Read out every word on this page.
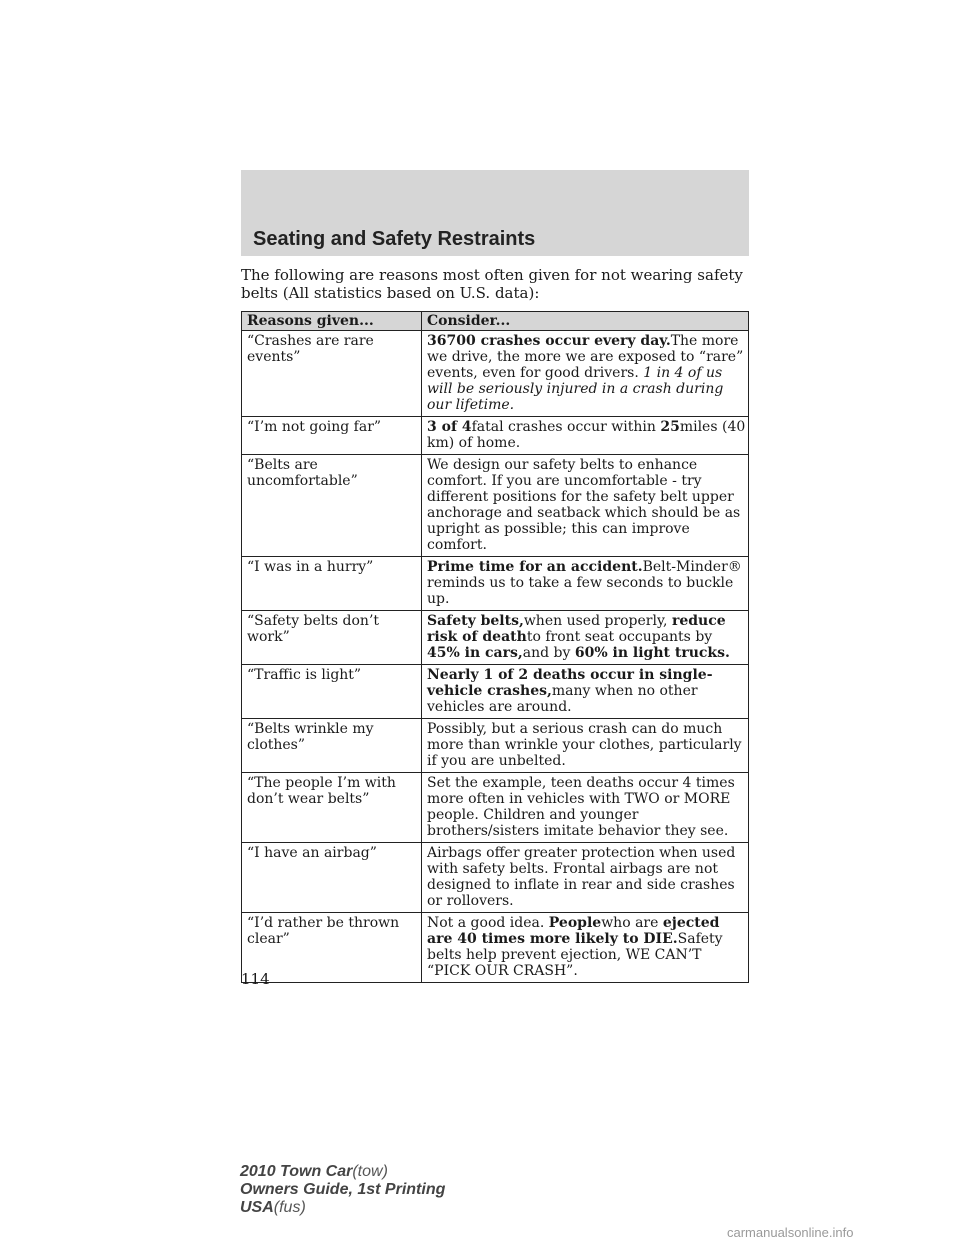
Seating and Safety Restraints

The following are reasons most often given for not wearing safety belts (All statistics based on U.S. data):

Reasons given...	Consider...
“Crashes are rare events”	36700 crashes occur every day.The more we drive, the more we are exposed to “rare” events, even for good drivers. 1 in 4 of us will be seriously injured in a crash during our lifetime.
“I’m not going far”	3 of 4fatal crashes occur within 25miles (40 km) of home.
“Belts are uncomfortable”	We design our safety belts to enhance comfort. If you are uncomfortable - try different positions for the safety belt upper anchorage and seatback which should be as upright as possible; this can improve comfort.
“I was in a hurry”	Prime time for an accident.Belt-Minder® reminds us to take a few seconds to buckle up.
“Safety belts don’t work”	Safety belts,when used properly, reduce risk of deathto front seat occupants by 45% in cars,and by 60% in light trucks.
“Traffic is light”	Nearly 1 of 2 deaths occur in single-vehicle crashes,many when no other vehicles are around.
“Belts wrinkle my clothes”	Possibly, but a serious crash can do much more than wrinkle your clothes, particularly if you are unbelted.
“The people I’m with don’t wear belts”	Set the example, teen deaths occur 4 times more often in vehicles with TWO or MORE people. Children and younger brothers/sisters imitate behavior they see.
“I have an airbag”	Airbags offer greater protection when used with safety belts. Frontal airbags are not designed to inflate in rear and side crashes or rollovers.
“I’d rather be thrown clear”	Not a good idea. Peoplewho are ejected are 40 times more likely to DIE.Safety belts help prevent ejection, WE CAN’T “PICK OUR CRASH”.
114
2010 Town Car(tow)
Owners Guide, 1st Printing
USA(fus)
carmanualsonline.info
